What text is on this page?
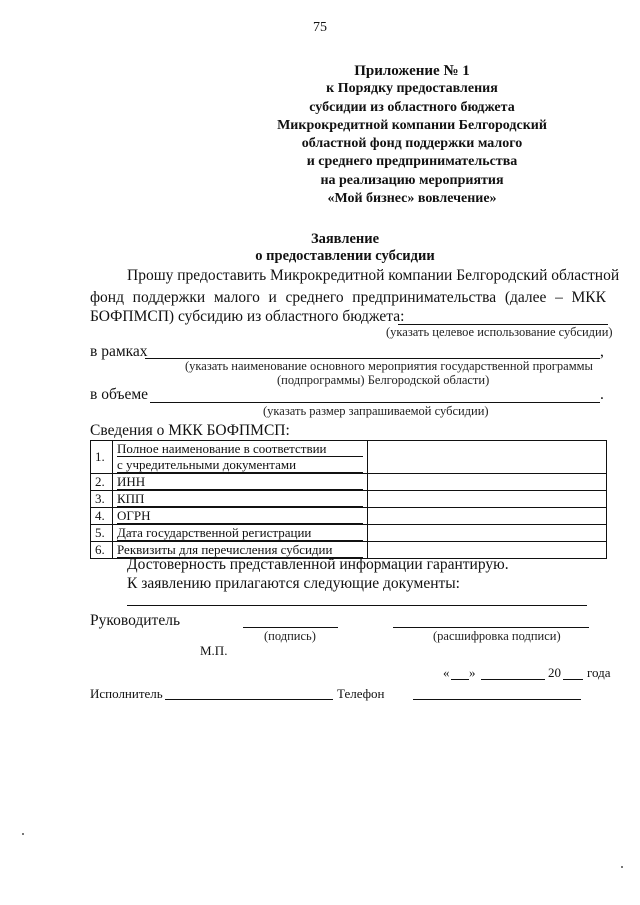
75
Приложение № 1
к Порядку предоставления
субсидии из областного бюджета
Микрокредитной компании Белгородский
областной фонд поддержки малого
и среднего предпринимательства
на реализацию мероприятия
«Мой бизнес» вовлечение»
Заявление
о предоставлении субсидии
Прошу предоставить Микрокредитной компании Белгородский областной
фонд поддержки малого и среднего предпринимательства (далее – МКК
БОФПМСП) субсидию из областного бюджета:
(указать целевое использование субсидии)
в рамках	,
(указать наименование основного мероприятия государственной программы
(подпрограммы) Белгородской области)
в объеме	.
(указать размер запрашиваемой субсидии)
Сведения о МКК БОФПМСП:
1.	Полное наименование в соответствии
с учредительными документами	

2.	ИНН	

3.	КПП	

4.	ОГРН	

5.	Дата государственной регистрации	

6.	Реквизиты для перечисления субсидии	

Достоверность представленной информации гарантирую.
К заявлению прилагаются следующие документы:
Руководитель
(подпись)	(расшифровка подписи)
М.П.
« »	20 года
Исполнитель	Телефон
